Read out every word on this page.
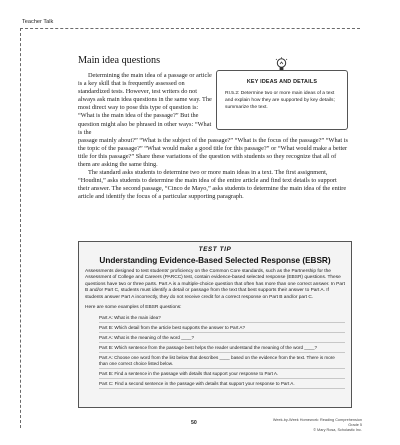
Teacher Talk
Main idea questions
KEY IDEAS AND DETAILS
RI.5.2: Determine two or more main ideas of a text and explain how they are supported by key details; summarize the text.

Determining the main idea of a passage or article is a key skill that is frequently assessed on standardized tests. However, test writers do not always ask main idea questions in the same way. The most direct way to pose this type of question is: “What is the main idea of the passage?” But the question might also be phrased in other ways: “What is the

passage mainly about?” “What is the subject of the passage?” “What is the focus of the passage?” “What is the topic of the passage?” “What would make a good title for this passage?” or “What would make a better title for this passage?” Share these variations of the question with students so they recognize that all of them are asking the same thing.

The standard asks students to determine two or more main ideas in a text. The first assignment, “Houdini,” asks students to determine the main idea of the entire article and find text details to support their answer. The second passage, “Cinco de Mayo,” asks students to determine the main idea of the entire article and identify the focus of a particular supporting paragraph.

TEST TIP
Understanding Evidence-Based Selected Response (EBSR)
Assessments designed to test students’ proficiency on the Common Core standards, such as the Partnership for the Assessment of College and Careers (PARCC) test, contain evidence-based selected response (EBSR) questions. These questions have two or three parts. Part A is a multiple-choice question that often has more than one correct answer. In Part B and/or Part C, students must identify a detail or passage from the text that best supports their answer to Part A. If students answer Part A incorrectly, they do not receive credit for a correct response on Part B and/or part C.
Here are some examples of EBSR questions:
Part A: What is the main idea?
Part B: Which detail from the article best supports the answer to Part A?
Part A: What is the meaning of the word ____?
Part B: Which sentence from the passage best helps the reader understand the meaning of the word ____?
Part A: Choose one word from the list below that describes ____ based on the evidence from the text. There is more than one correct choice listed below.
Part B: Find a sentence in the passage with details that support your response to Part A.
Part C: Find a second sentence in the passage with details that support your response to Part A.
50	Week-by-Week Homework: Reading Comprehension Grade 5
© Mary Rosa, Scholastic Inc.
